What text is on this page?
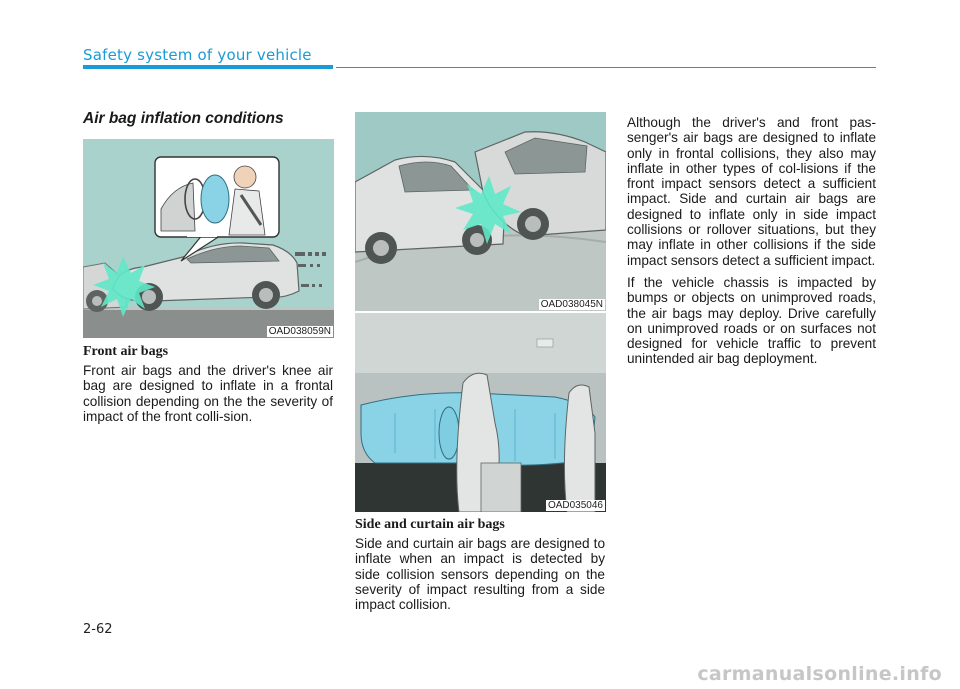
Safety system of your vehicle
Air bag inflation conditions
OAD038059N
Front air bags

Front air bags and the driver's knee air bag are designed to inflate in a frontal collision depending on the the severity of impact of the front colli-sion.

OAD038045N
OAD035046
Side and curtain air bags

Side and curtain air bags are designed to inflate when an impact is detected by side collision sensors depending on the severity of impact resulting from a side impact collision.

Although the driver's and front pas-senger's air bags are designed to inflate only in frontal collisions, they also may inflate in other types of col-lisions if the front impact sensors detect a sufficient impact. Side and curtain air bags are designed to inflate only in side impact collisions or rollover situations, but they may inflate in other collisions if the side impact sensors detect a sufficient impact.

If the vehicle chassis is impacted by bumps or objects on unimproved roads, the air bags may deploy. Drive carefully on unimproved roads or on surfaces not designed for vehicle traffic to prevent unintended air bag deployment.

2-62
carmanualsonline.info
